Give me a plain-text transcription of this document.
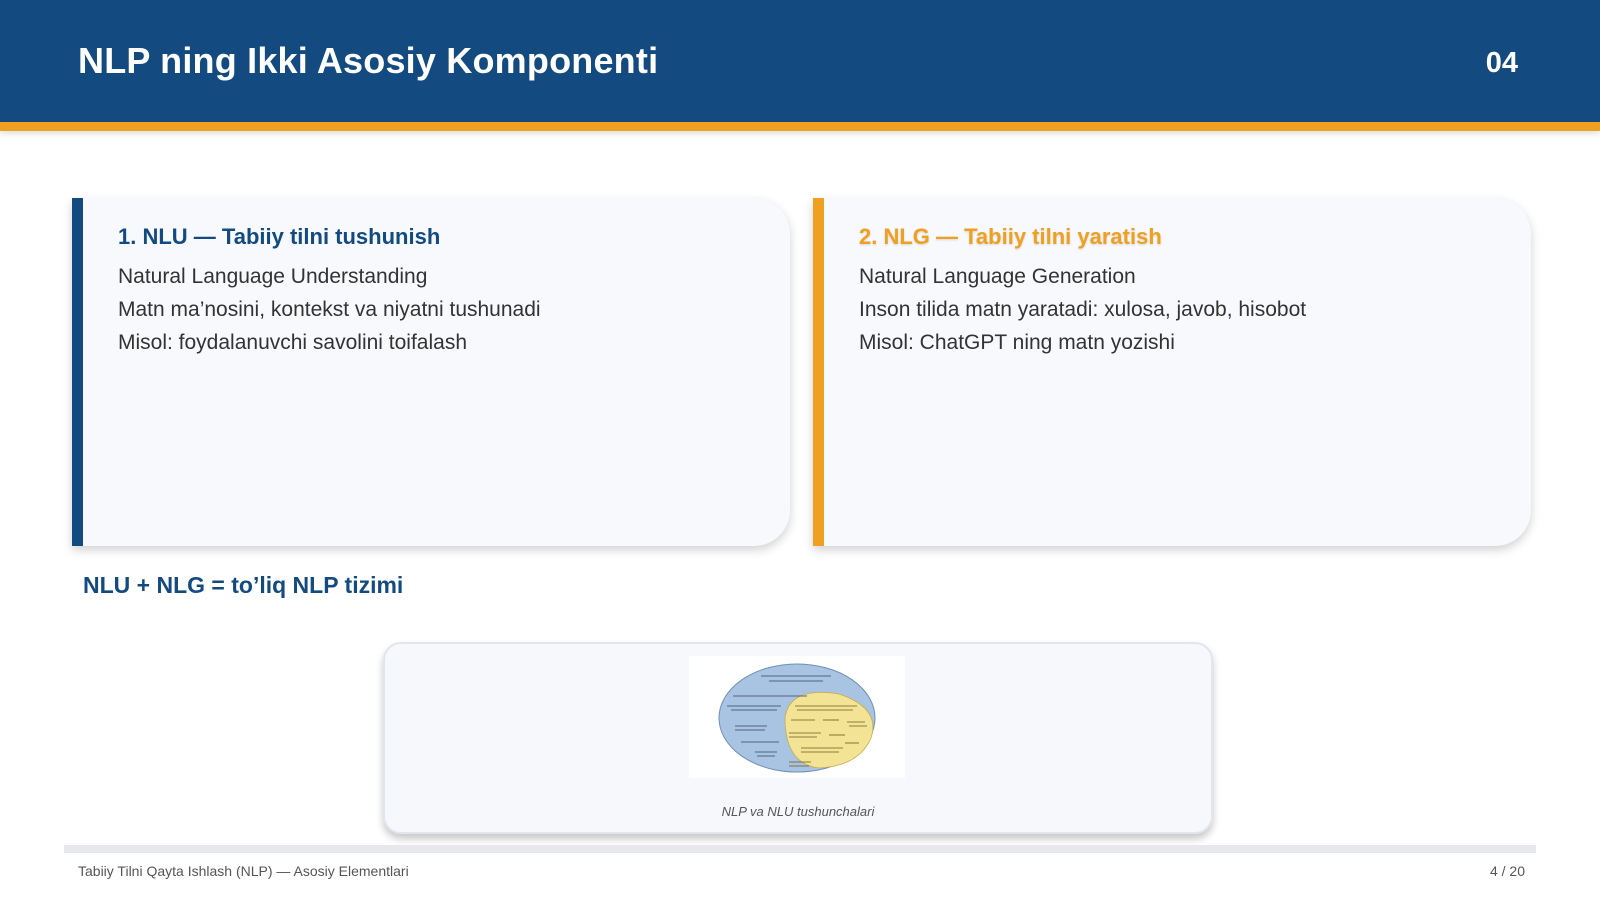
NLP ning Ikki Asosiy Komponenti	04
1. NLU — Tabiiy tilni tushunish
Natural Language Understanding
Matn ma’nosini, kontekst va niyatni tushunadi
Misol: foydalanuvchi savolini toifalash
2. NLG — Tabiiy tilni yaratish
Natural Language Generation
Inson tilida matn yaratadi: xulosa, javob, hisobot
Misol: ChatGPT ning matn yozishi
NLU + NLG = to’liq NLP tizimi
NLP va NLU tushunchalari
Tabiiy Tilni Qayta Ishlash (NLP) — Asosiy Elementlari	4 / 20
